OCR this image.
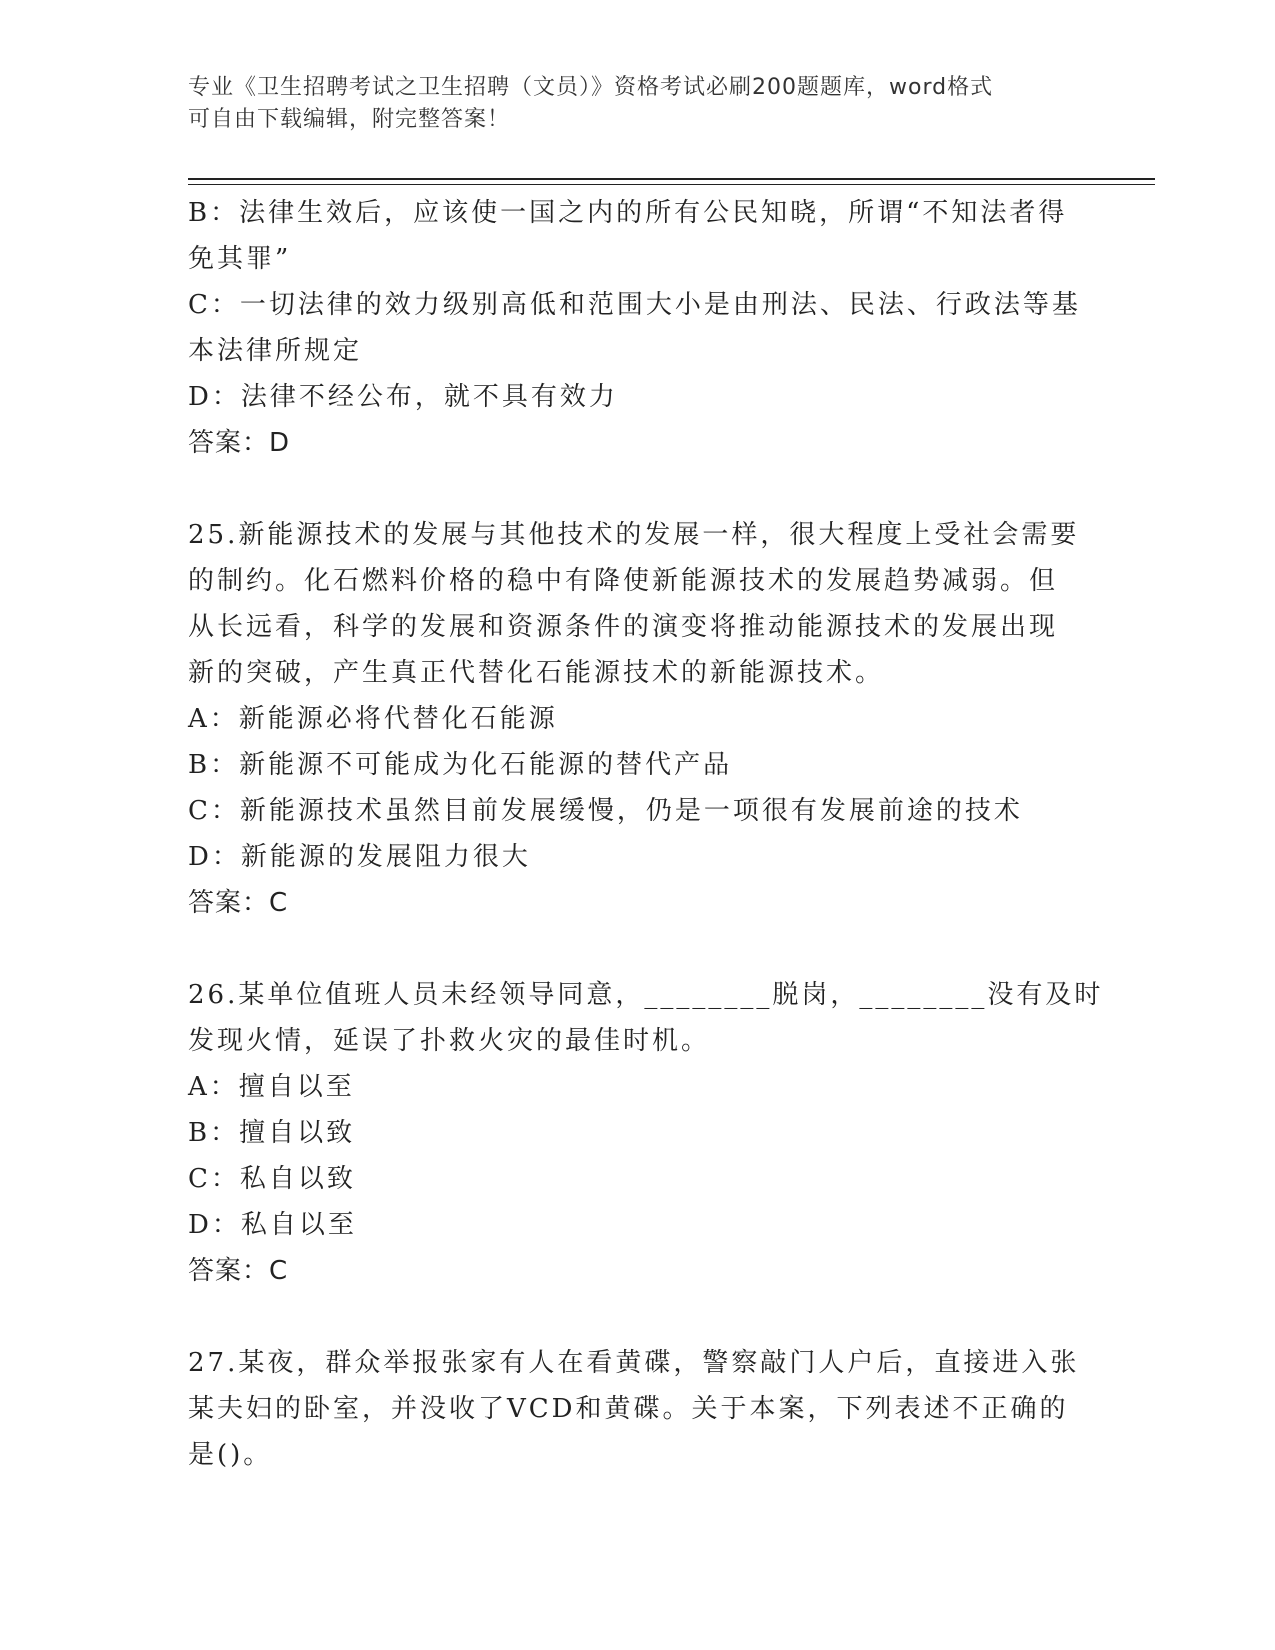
专业《卫生招聘考试之卫生招聘（文员）》资格考试必刷200题题库，word格式
可自由下载编辑，附完整答案！
B：法律生效后，应该使一国之内的所有公民知晓，所谓“不知法者得
免其罪”
C：一切法律的效力级别高低和范围大小是由刑法、民法、行政法等基
本法律所规定
D：法律不经公布，就不具有效力
答案：D
25.新能源技术的发展与其他技术的发展一样，很大程度上受社会需要
的制约。化石燃料价格的稳中有降使新能源技术的发展趋势减弱。但
从长远看，科学的发展和资源条件的演变将推动能源技术的发展出现
新的突破，产生真正代替化石能源技术的新能源技术。
A：新能源必将代替化石能源
B：新能源不可能成为化石能源的替代产品
C：新能源技术虽然目前发展缓慢，仍是一项很有发展前途的技术
D：新能源的发展阻力很大
答案：C
26.某单位值班人员未经领导同意，________脱岗，________没有及时
发现火情，延误了扑救火灾的最佳时机。
A：擅自以至
B：擅自以致
C：私自以致
D：私自以至
答案：C
27.某夜，群众举报张家有人在看黄碟，警察敲门人户后，直接进入张
某夫妇的卧室，并没收了VCD和黄碟。关于本案，下列表述不正确的
是()。
